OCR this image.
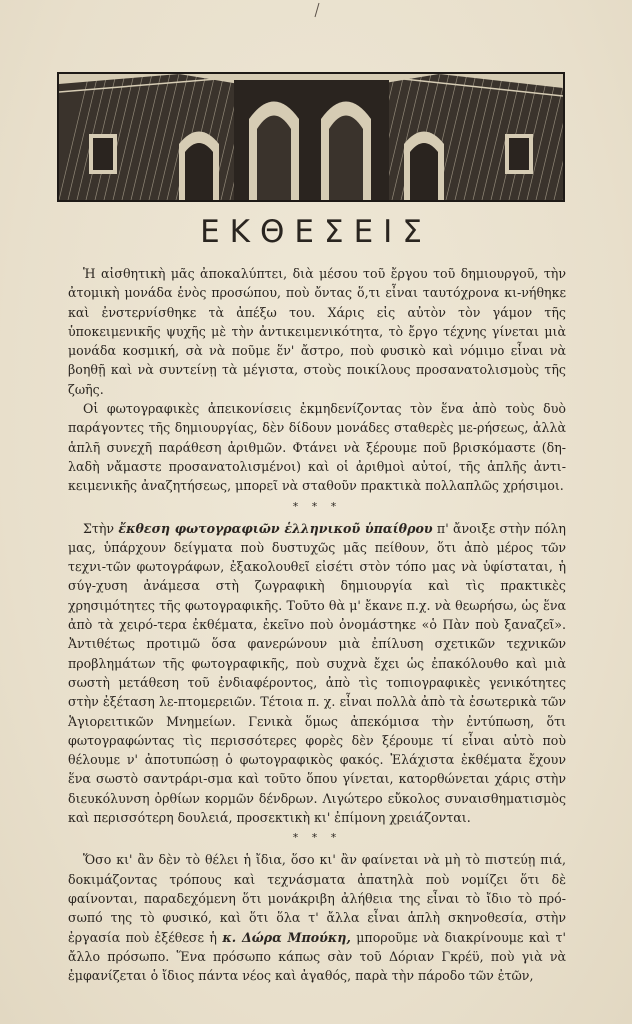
ΕΚΘΕΣΕΙΣ

Ἡ αἰσθητικὴ μᾶς ἀποκαλύπτει, διὰ μέσου τοῦ ἔργου τοῦ δημιουργοῦ, τὴν ἀτομικὴ μονάδα ἑνὸς προσώπου, ποὺ ὄντας ὅ,τι εἶναι ταυτόχρονα κι-νήθηκε καὶ ἐνστερνίσθηκε τὰ ἀπέξω του. Χάρις εἰς αὐτὸν τὸν γάμον τῆς ὑποκειμενικῆς ψυχῆς μὲ τὴν ἀντικειμενικότητα, τὸ ἔργο τέχνης γίνεται μιὰ μονάδα κοσμική, σὰ νὰ ποῦμε ἕν' ἄστρο, ποὺ φυσικὸ καὶ νόμιμο εἶναι νὰ βοηθῇ καὶ νὰ συντείνῃ τὰ μέγιστα, στοὺς ποικίλους προσανατολισμοὺς τῆς ζωῆς.

Οἱ φωτογραφικὲς ἀπεικονίσεις ἐκμηδενίζοντας τὸν ἕνα ἀπὸ τοὺς δυὸ παράγοντες τῆς δημιουργίας, δὲν δίδουν μονάδες σταθερὲς με-ρήσεως, ἀλλὰ ἁπλῆ συνεχῆ παράθεση ἀριθμῶν. Φτάνει νὰ ξέρουμε ποῦ βρισκόμαστε (δη-λαδὴ νἄμαστε προσανατολισμένοι) καὶ οἱ ἀριθμοὶ αὐτοί, τῆς ἁπλῆς ἀντι-κειμενικῆς ἀναζητήσεως, μπορεῖ νὰ σταθοῦν πρακτικὰ πολλαπλῶς χρήσιμοι.

* * *

Στὴν ἔκθεση φωτογραφιῶν ἑλληνικοῦ ὑπαίθρου π' ἄνοιξε στὴν πόλη μας, ὑπάρχουν δείγματα ποὺ δυστυχῶς μᾶς πείθουν, ὅτι ἀπὸ μέρος τῶν τεχνι-τῶν φωτογράφων, ἐξακολουθεῖ εἰσέτι στὸν τόπο μας νὰ ὑφίσταται, ἡ σύγ-χυση ἀνάμεσα στὴ ζωγραφικὴ δημιουργία καὶ τὶς πρακτικὲς χρησιμότητες τῆς φωτογραφικῆς. Τοῦτο θὰ μ' ἔκανε π.χ. νὰ θεωρήσω, ὡς ἕνα ἀπὸ τὰ χειρό-τερα ἐκθέματα, ἐκεῖνο ποὺ ὀνομάστηκε «ὁ Πὰν ποὺ ξαναζεῖ». Ἀντιθέτως προτιμῶ ὅσα φανερώνουν μιὰ ἐπίλυση σχετικῶν τεχνικῶν προβλημάτων τῆς φωτογραφικῆς, ποὺ συχνὰ ἔχει ὡς ἐπακόλουθο καὶ μιὰ σωστὴ μετάθεση τοῦ ἐνδιαφέροντος, ἀπὸ τὶς τοπιογραφικὲς γενικότητες στὴν ἐξέταση λε-πτομερειῶν. Τέτοια π. χ. εἶναι πολλὰ ἀπὸ τὰ ἐσωτερικὰ τῶν Ἁγιορειτικῶν Μνημείων. Γενικὰ ὅμως ἀπεκόμισα τὴν ἐντύπωση, ὅτι φωτογραφώντας τὶς περισσότερες φορὲς δὲν ξέρουμε τί εἶναι αὐτὸ ποὺ θέλουμε ν' ἀποτυπώσῃ ὁ φωτογραφικὸς φακός. Ἐλάχιστα ἐκθέματα ἔχουν ἕνα σωστὸ σαντράρι-σμα καὶ τοῦτο ὅπου γίνεται, κατορθώνεται χάρις στὴν διευκόλυνση ὀρθίων κορμῶν δένδρων. Λιγώτερο εὔκολος συναισθηματισμὸς καὶ περισσότερη δουλειά, προσεκτικὴ κι' ἐπίμονη χρειάζονται.

* * *

Ὅσο κι' ἂν δὲν τὸ θέλει ἡ ἴδια, ὅσο κι' ἂν φαίνεται νὰ μὴ τὸ πιστεύῃ πιά, δοκιμάζοντας τρόπους καὶ τεχνάσματα ἀπατηλὰ ποὺ νομίζει ὅτι δὲ φαίνονται, παραδεχόμενη ὅτι μονάκριβη ἀλήθεια της εἶναι τὸ ἴδιο τὸ πρό-σωπό της τὸ φυσικό, καὶ ὅτι ὅλα τ' ἄλλα εἶναι ἁπλὴ σκηνοθεσία, στὴν ἐργασία ποὺ ἐξέθεσε ἡ κ. Δώρα Μπούκη, μποροῦμε νὰ διακρίνουμε καὶ τ' ἄλλο πρόσωπο. Ἕνα πρόσωπο κάπως σὰν τοῦ Δόριαν Γκρέϋ, ποὺ γιὰ νὰ ἐμφανίζεται ὁ ἴδιος πάντα νέος καὶ ἀγαθός, παρὰ τὴν πάροδο τῶν ἐτῶν,
